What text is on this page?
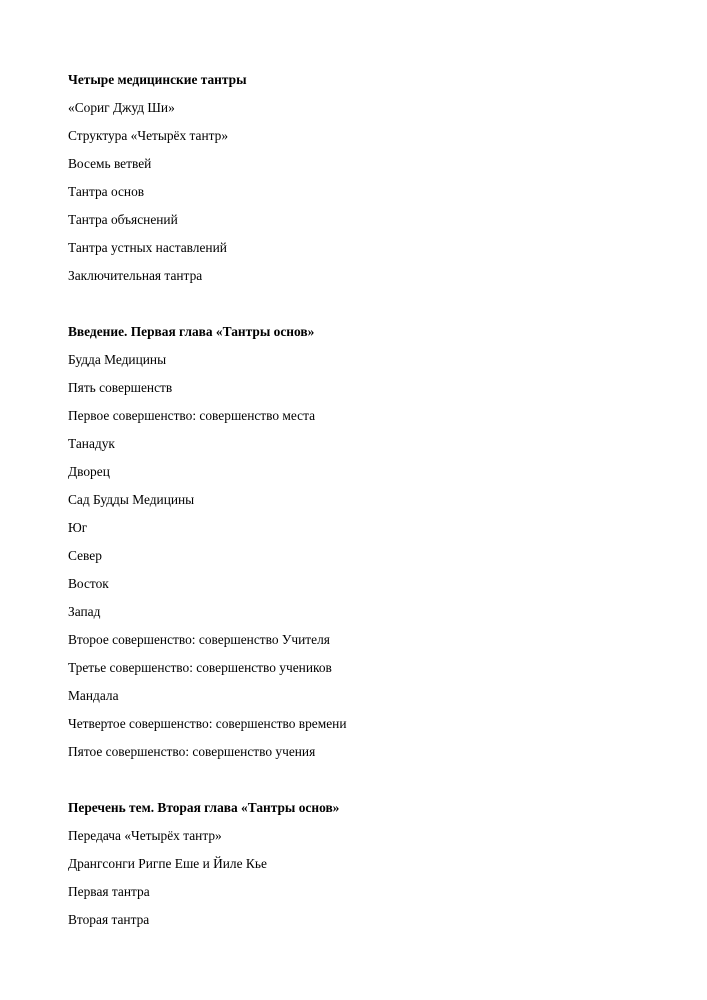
Четыре медицинские тантры
«Сориг Джуд Ши»
Структура «Четырёх тантр»
Восемь ветвей
Тантра основ
Тантра объяснений
Тантра устных наставлений
Заключительная тантра
Введение. Первая глава «Тантры основ»
Будда Медицины
Пять совершенств
Первое совершенство: совершенство места
Танадук
Дворец
Сад Будды Медицины
Юг
Север
Восток
Запад
Второе совершенство: совершенство Учителя
Третье совершенство: совершенство учеников
Мандала
Четвертое совершенство: совершенство времени
Пятое совершенство: совершенство учения
Перечень тем. Вторая глава «Тантры основ»
Передача «Четырёх тантр»
Дрангсонги Ригпе Еше и Йиле Кье
Первая тантра
Вторая тантра
